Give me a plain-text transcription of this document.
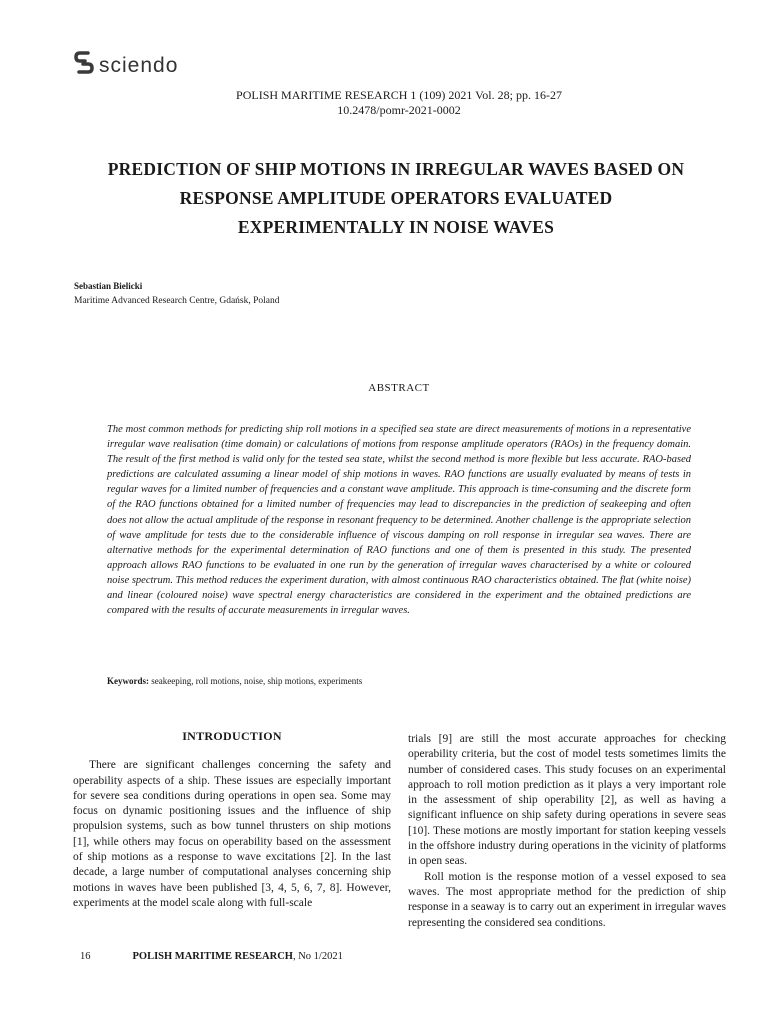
sciendo
POLISH MARITIME RESEARCH 1 (109) 2021 Vol. 28; pp. 16-27
10.2478/pomr-2021-0002
PREDICTION OF SHIP MOTIONS IN IRREGULAR WAVES BASED ON RESPONSE AMPLITUDE OPERATORS EVALUATED EXPERIMENTALLY IN NOISE WAVES
Sebastian Bielicki
Maritime Advanced Research Centre, Gdańsk, Poland
ABSTRACT
The most common methods for predicting ship roll motions in a specified sea state are direct measurements of motions in a representative irregular wave realisation (time domain) or calculations of motions from response amplitude operators (RAOs) in the frequency domain. The result of the first method is valid only for the tested sea state, whilst the second method is more flexible but less accurate. RAO-based predictions are calculated assuming a linear model of ship motions in waves. RAO functions are usually evaluated by means of tests in regular waves for a limited number of frequencies and a constant wave amplitude. This approach is time-consuming and the discrete form of the RAO functions obtained for a limited number of frequencies may lead to discrepancies in the prediction of seakeeping and often does not allow the actual amplitude of the response in resonant frequency to be determined. Another challenge is the appropriate selection of wave amplitude for tests due to the considerable influence of viscous damping on roll response in irregular sea waves. There are alternative methods for the experimental determination of RAO functions and one of them is presented in this study. The presented approach allows RAO functions to be evaluated in one run by the generation of irregular waves characterised by a white or coloured noise spectrum. This method reduces the experiment duration, with almost continuous RAO characteristics obtained. The flat (white noise) and linear (coloured noise) wave spectral energy characteristics are considered in the experiment and the obtained predictions are compared with the results of accurate measurements in irregular waves.
Keywords: seakeeping, roll motions, noise, ship motions, experiments

INTRODUCTION

There are significant challenges concerning the safety and operability aspects of a ship. These issues are especially important for severe sea conditions during operations in open sea. Some may focus on dynamic positioning issues and the influence of ship propulsion systems, such as bow tunnel thrusters on ship motions [1], while others may focus on operability based on the assessment of ship motions as a response to wave excitations [2]. In the last decade, a large number of computational analyses concerning ship motions in waves have been published [3, 4, 5, 6, 7, 8]. However, experiments at the model scale along with full-scale

trials [9] are still the most accurate approaches for checking operability criteria, but the cost of model tests sometimes limits the number of considered cases. This study focuses on an experimental approach to roll motion prediction as it plays a very important role in the assessment of ship operability [2], as well as having a significant influence on ship safety during operations in severe seas [10]. These motions are mostly important for station keeping vessels in the offshore industry during operations in the vicinity of platforms in open seas.

Roll motion is the response motion of a vessel exposed to sea waves. The most appropriate method for the prediction of ship response in a seaway is to carry out an experiment in irregular waves representing the considered sea conditions.

16	POLISH MARITIME RESEARCH, No 1/2021
